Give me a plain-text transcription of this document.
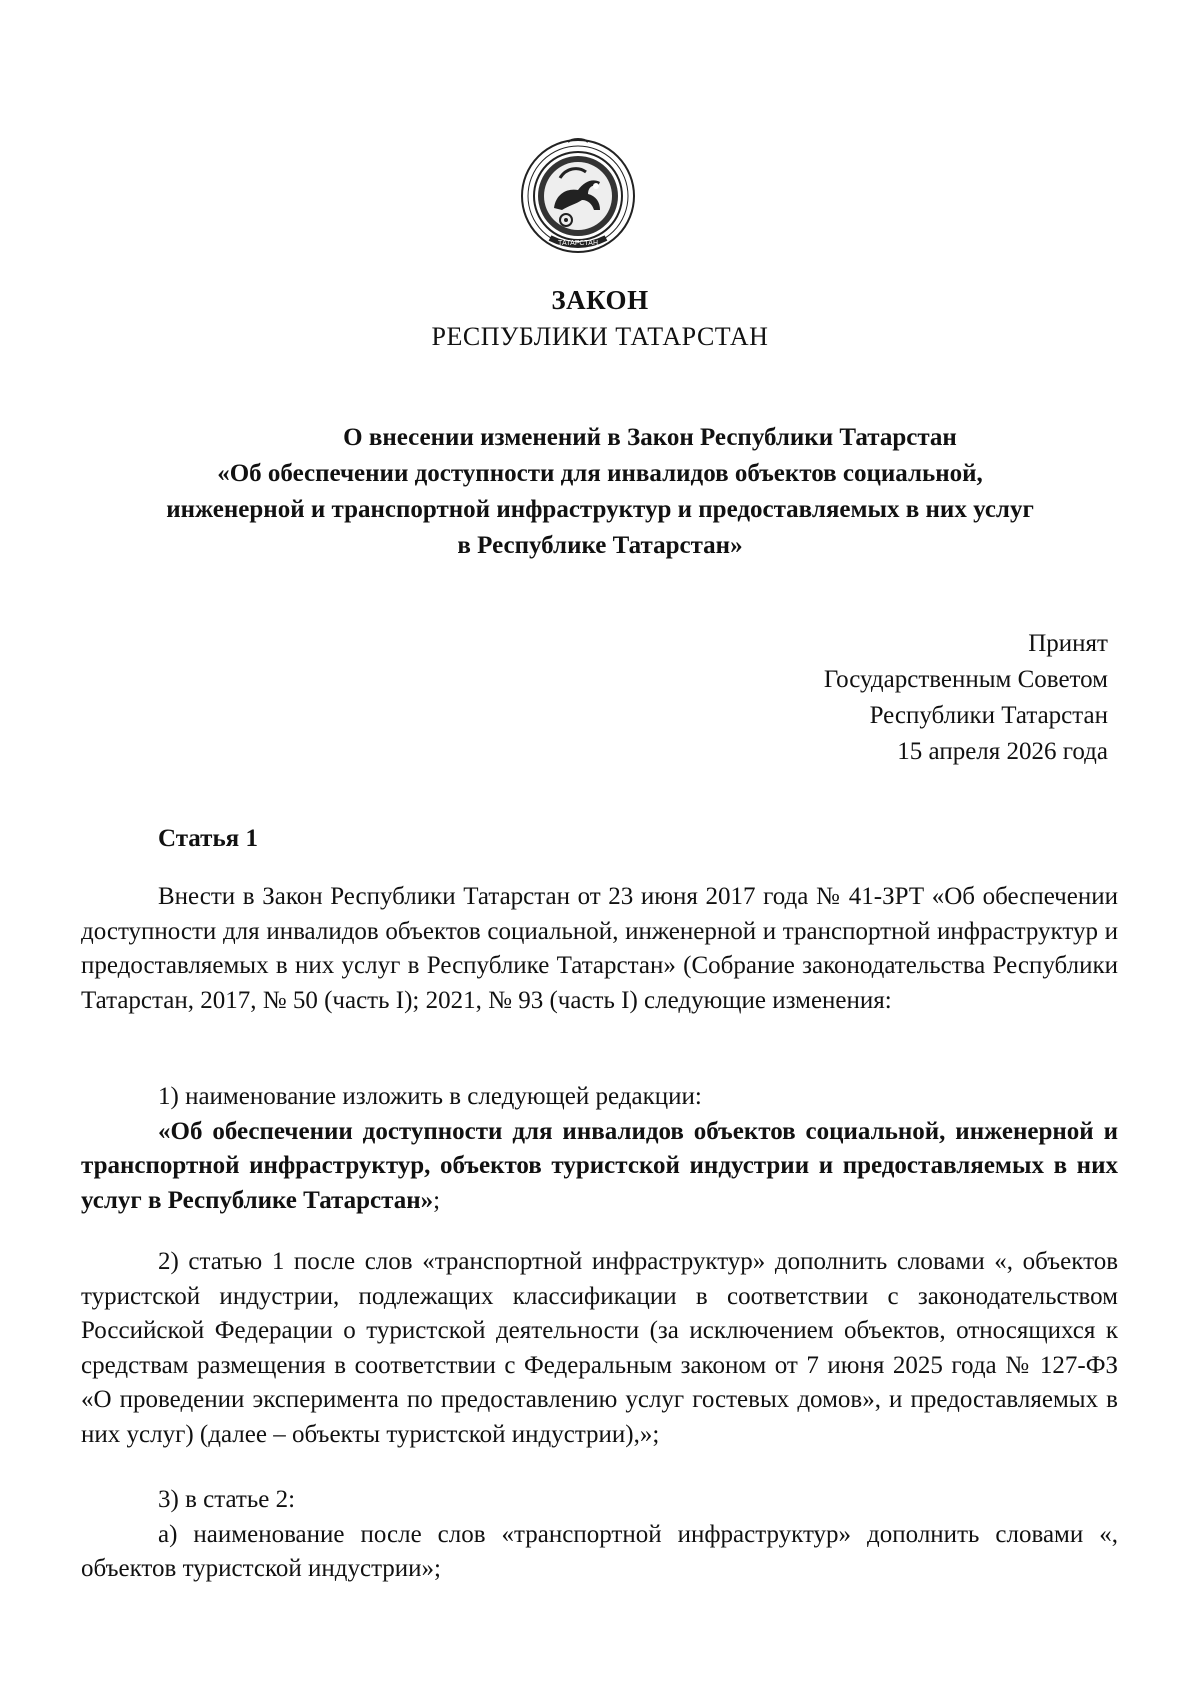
ТАТАРСТАН
ЗАКОН
РЕСПУБЛИКИ ТАТАРСТАН
О внесении изменений в Закон Республики Татарстан
«Об обеспечении доступности для инвалидов объектов социальной,
инженерной и транспортной инфраструктур и предоставляемых в них услуг
в Республике Татарстан»
Принят
Государственным Советом
Республики Татарстан
15 апреля 2026 года
Статья 1

Внести в Закон Республики Татарстан от 23 июня 2017 года № 41-ЗРТ «Об обеспечении доступности для инвалидов объектов социальной, инженерной и транспортной инфраструктур и предоставляемых в них услуг в Республике Татарстан» (Собрание законодательства Республики Татарстан, 2017, № 50 (часть I); 2021, № 93 (часть I) следующие изменения:

1) наименование изложить в следующей редакции:

«Об обеспечении доступности для инвалидов объектов социальной, инженерной и транспортной инфраструктур, объектов туристской индустрии и предоставляемых в них услуг в Республике Татарстан»;

2) статью 1 после слов «транспортной инфраструктур» дополнить словами «, объектов туристской индустрии, подлежащих классификации в соответствии с законодательством Российской Федерации о туристской деятельности (за исключением объектов, относящихся к средствам размещения в соответствии с Федеральным законом от 7 июня 2025 года № 127-ФЗ «О проведении эксперимента по предоставлению услуг гостевых домов», и предоставляемых в них услуг) (далее – объекты туристской индустрии),»;

3) в статье 2:

а) наименование после слов «транспортной инфраструктур» дополнить словами «, объектов туристской индустрии»;
